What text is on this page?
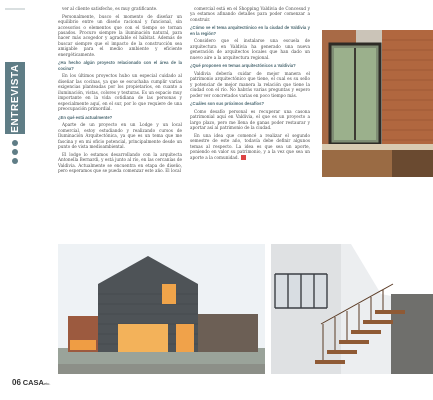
ENTREVISTA

ver al cliente satisfecho, es muy gratificante.

Personalmente, busco el momento de diseñar un equilibrio entre un diseño racional y funcional, sin accesorios o elementos que con el tiempo se tornan pasados. Procuro siempre la iluminación natural, para hacer más acogedor y agradable el hábitat. Además de buscar siempre que el impacto de la construcción sea amigable para el medio ambiente y eficiente energéticamente.

¿Ha hecho algún proyecto relacionado con el área de la cocina?

En los últimos proyectos hubo un especial cuidado al diseñar las cocinas, ya que se escuchaba cumplir varias exigencias planteadas por los propietarios, en cuanto a iluminación, vistas, colores y texturas. Es un espacio muy importante en la vida cotidiana de las personas y especialmente aquí, en el sur, por lo que requiere de una preocupación primordial.

¿En qué está actualmente?

Aparte de un proyecto en un Lodge y un local comercial, estoy estudiando y realizando cursos de Iluminación Arquitectónica, ya que es un tema que me fascina y en mi oficio potencial, principalmente desde un punto de vista medioambiental.

El lodge lo estamos desarrollando con la arquitecta Antonella Bernardi, y está junto al río, en las cercanías de Valdivia. Actualmente se encuentra en etapa de diseño, pero esperamos que se pueda comenzar este año. El local

comercial está en el Shopping Valdivia de Concesud y ya estamos afinando detalles para poder comenzar a construir.

¿Cómo ve el tema arquitectónico en la ciudad de Valdivia y en la región?

Considero que el instalarse una escuela de arquitectura en Valdivia ha generado una nueva generación de arquitectos locales que han dado un nuevo aire a la arquitectura regional.

¿Qué proponen en temas arquitectónicos a Valdivia?

Valdivia debería cuidar de mejor manera el patrimonio arquitectónico que tiene, el cual es su sello y potenciar de mejor manera la relación que tiene la ciudad con el río. No habrás varias preguntas y espero poder ver concretados varias en poco tiempo más.

¿Cuáles son sus próximos desafíos?

Como desafío personal es recuperar una casona patrimonial aquí en Valdivia, el que es un proyecto a largo plazo, pero me llena de ganas poder restaurar y aportar así al patrimonio de la ciudad.

En una idea que comencé a realizar el segundo semestre de este año, todavía debe definir algunos temas al respecto. La idea es que sea un aporte, poniendo en valor su patrimonio, y a la vez que sea un aporte a la comunidad.

06 CASAetc.
